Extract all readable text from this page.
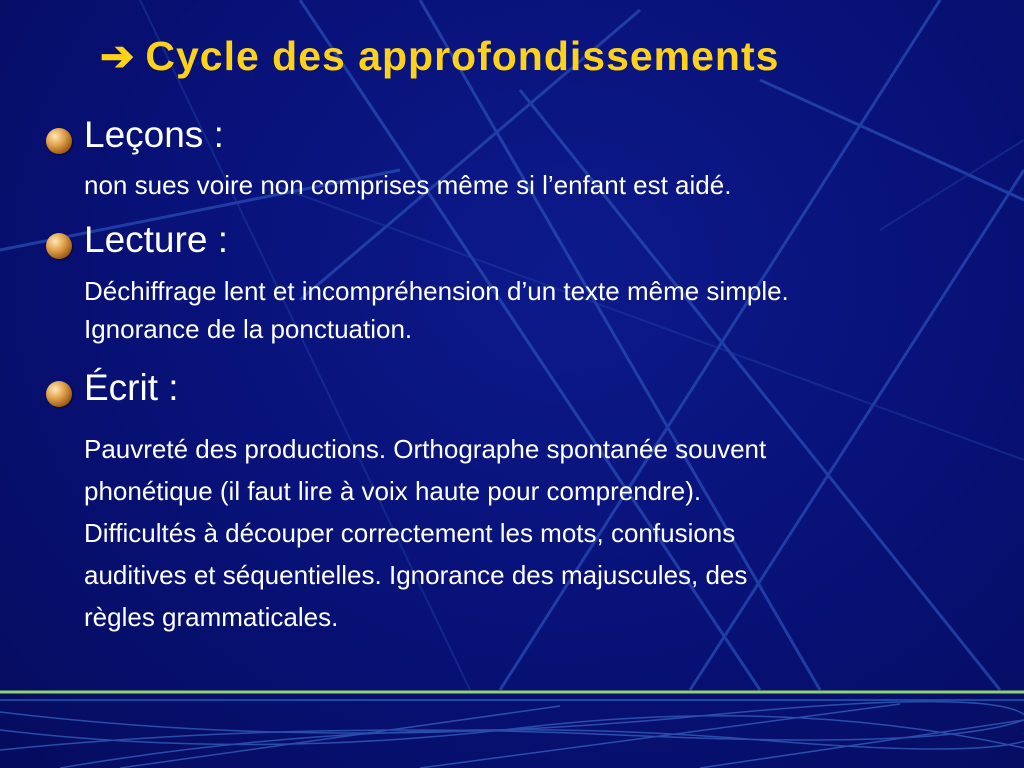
➔ Cycle des approfondissements
Leçons :
non sues voire non comprises même si l’enfant est aidé.
Lecture :
Déchiffrage lent et incompréhension d’un texte même simple.
Ignorance de la ponctuation.
Écrit :
Pauvreté des productions. Orthographe spontanée souvent
phonétique (il faut lire à voix haute pour comprendre).
Difficultés à découper correctement les mots, confusions
auditives et séquentielles. Ignorance des majuscules, des
règles grammaticales.
